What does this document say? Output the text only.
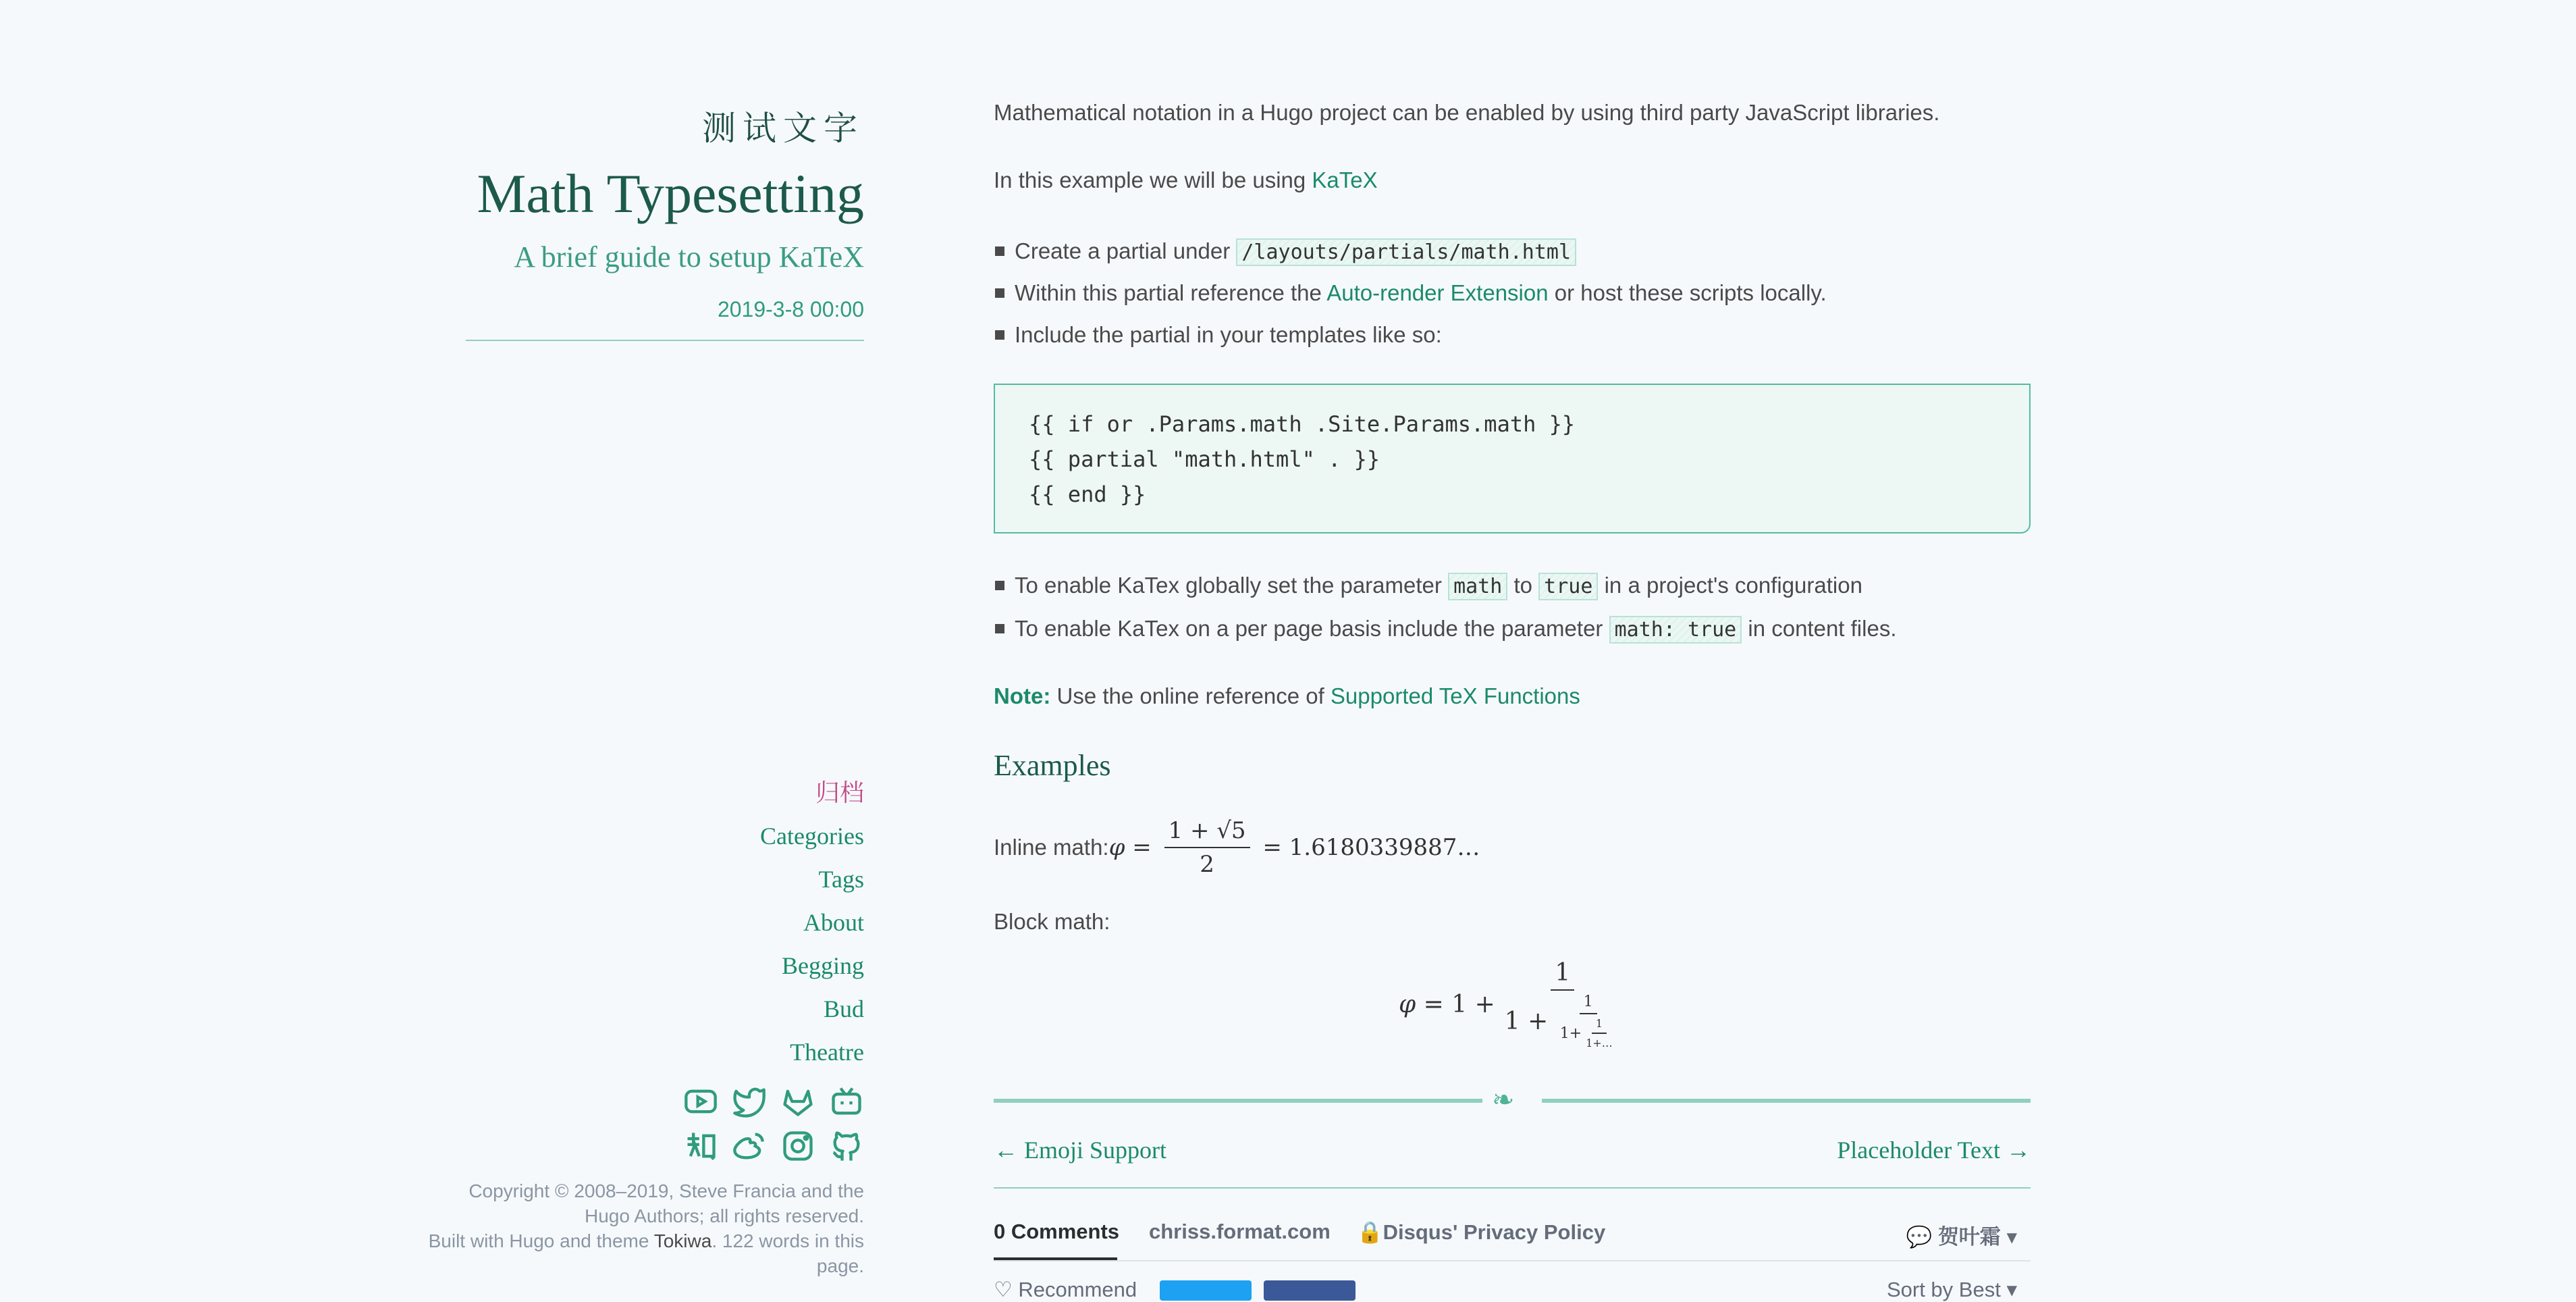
测试文字
Math Typesetting
A brief guide to setup KaTeX
2019-3-8 00:00
归档
Categories
Tags
About
Begging
Bud
Theatre
Copyright © 2008–2019, Steve Francia and the Hugo Authors; all rights reserved.
Built with Hugo and theme Tokiwa. 122 words in this page.
Mathematical notation in a Hugo project can be enabled by using third party JavaScript libraries.
In this example we will be using KaTeX
Create a partial under /layouts/partials/math.html
Within this partial reference the Auto-render Extension or host these scripts locally.
Include the partial in your templates like so:
{{ if or .Params.math .Site.Params.math }}
{{ partial "math.html" . }}
{{ end }}
To enable KaTex globally set the parameter math to true in a project's configuration
To enable KaTex on a per page basis include the parameter math: true in content files.
Note: Use the online reference of Supported TeX Functions
Examples
Inline math: $\varphi = \frac{1 + √5}{2}$ = 1.6180339887…
Block math:
$\varphi = 1 + \frac{1}{1 + \frac{1}{1+ \frac{1}{1+\dots}}}$
❧
← Emoji Support	Placeholder Text →
0 Comments chriss.format.com 🔒Disqus' Privacy Policy	💬 贺叶霜 ▾
♡ Recommend	Sort by Best ▾
